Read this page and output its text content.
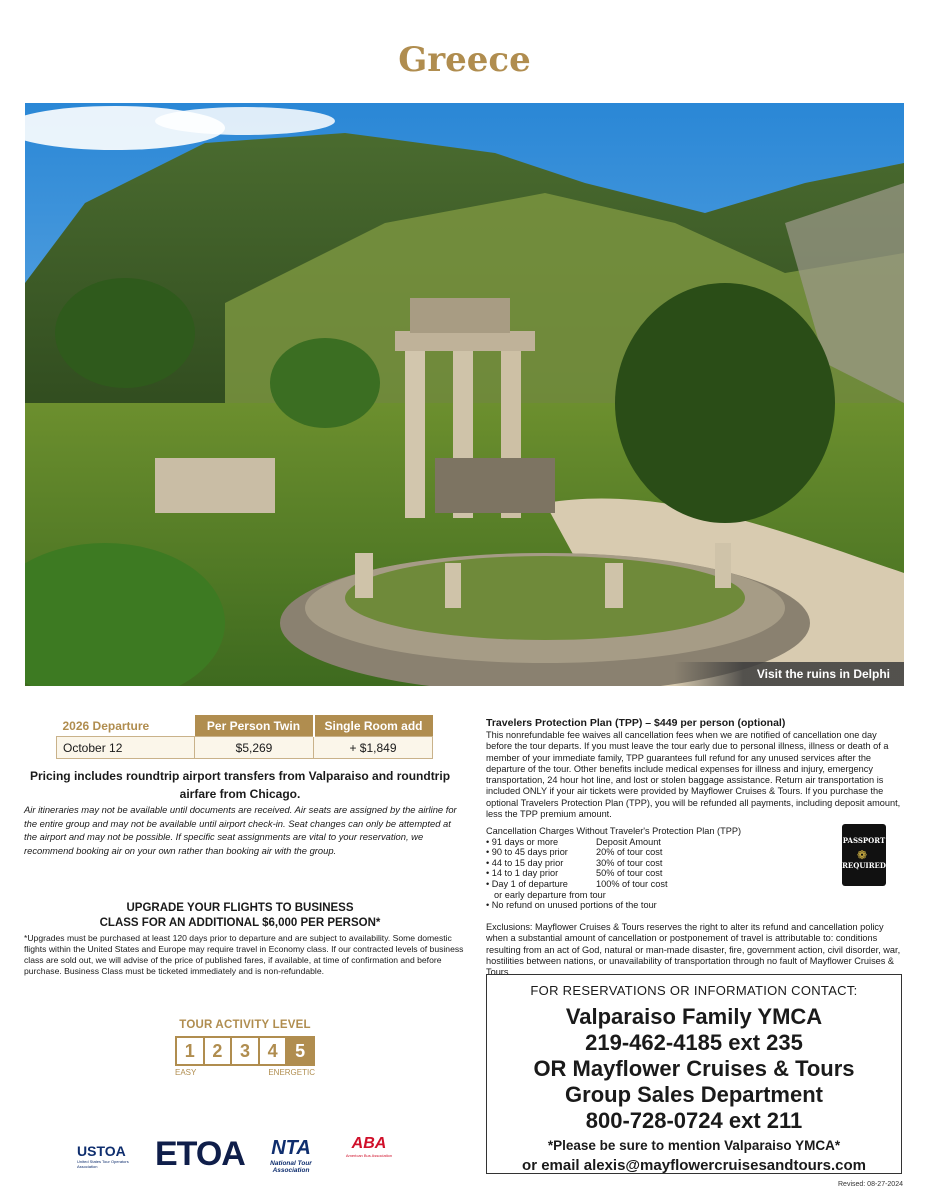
Greece
Visit the ruins in Delphi
2026 Departure	Per Person Twin	Single Room add
October 12	$5,269	+ $1,849
Pricing includes roundtrip airport transfers from Valparaiso and roundtrip airfare from Chicago.
Air itineraries may not be available until documents are received. Air seats are assigned by the airline for the entire group and may not be available until airport check-in. Seat changes can only be attempted at the airport and may not be possible. If specific seat assignments are vital to your reservation, we recommend booking air on your own rather than booking air with the group.
UPGRADE YOUR FLIGHTS TO BUSINESS
CLASS FOR AN ADDITIONAL $6,000 PER PERSON*
*Upgrades must be purchased at least 120 days prior to departure and are subject to availability. Some domestic flights within the United States and Europe may require travel in Economy class. If our contracted levels of business class are sold out, we will advise of the price of published fares, if available, at time of confirmation and before purchase. Business Class must be ticketed immediately and is non-refundable.
TOUR ACTIVITY LEVEL
1 2 3 4 5
EASY	ENERGETIC
USTOA
United States Tour Operators Association	ETOA	NTA
National Tour Association
ABA
American Bus Association
Travelers Protection Plan (TPP) – $449 per person (optional)
This nonrefundable fee waives all cancellation fees when we are notified of cancellation one day before the tour departs. If you must leave the tour early due to personal illness, illness or death of a member of your immediate family, TPP guarantees full refund for any unused services after the departure of the tour. Other benefits include medical expenses for illness and injury, emergency transportation, 24 hour hot line, and lost or stolen baggage assistance. Return air transportation is included ONLY if your air tickets were provided by Mayflower Cruises & Tours. If you purchase the optional Travelers Protection Plan (TPP), you will be refunded all payments, including deposit amount, less the TPP premium amount.
Cancellation Charges Without Traveler's Protection Plan (TPP)
• 91 days or more	Deposit Amount
• 90 to 45 days prior	20% of tour cost
• 44 to 15 day prior	30% of tour cost
• 14 to 1 day prior	50% of tour cost
• Day 1 of departure	100% of tour cost
or early departure from tour
• No refund on unused portions of the tour
PASSPORT
❁
REQUIRED
Exclusions: Mayflower Cruises & Tours reserves the right to alter its refund and cancellation policy when a substantial amount of cancellation or postponement of travel is attributable to: conditions resulting from an act of God, natural or man-made disaster, fire, government action, civil disorder, war, hostilities between nations, or unavailability of transportation through no fault of Mayflower Cruises & Tours.
FOR RESERVATIONS OR INFORMATION CONTACT:
Valparaiso Family YMCA
219-462-4185 ext 235
OR Mayflower Cruises & Tours
Group Sales Department
800-728-0724 ext 211
*Please be sure to mention Valparaiso YMCA*
or email alexis@mayflowercruisesandtours.com
Revised: 08-27-2024
